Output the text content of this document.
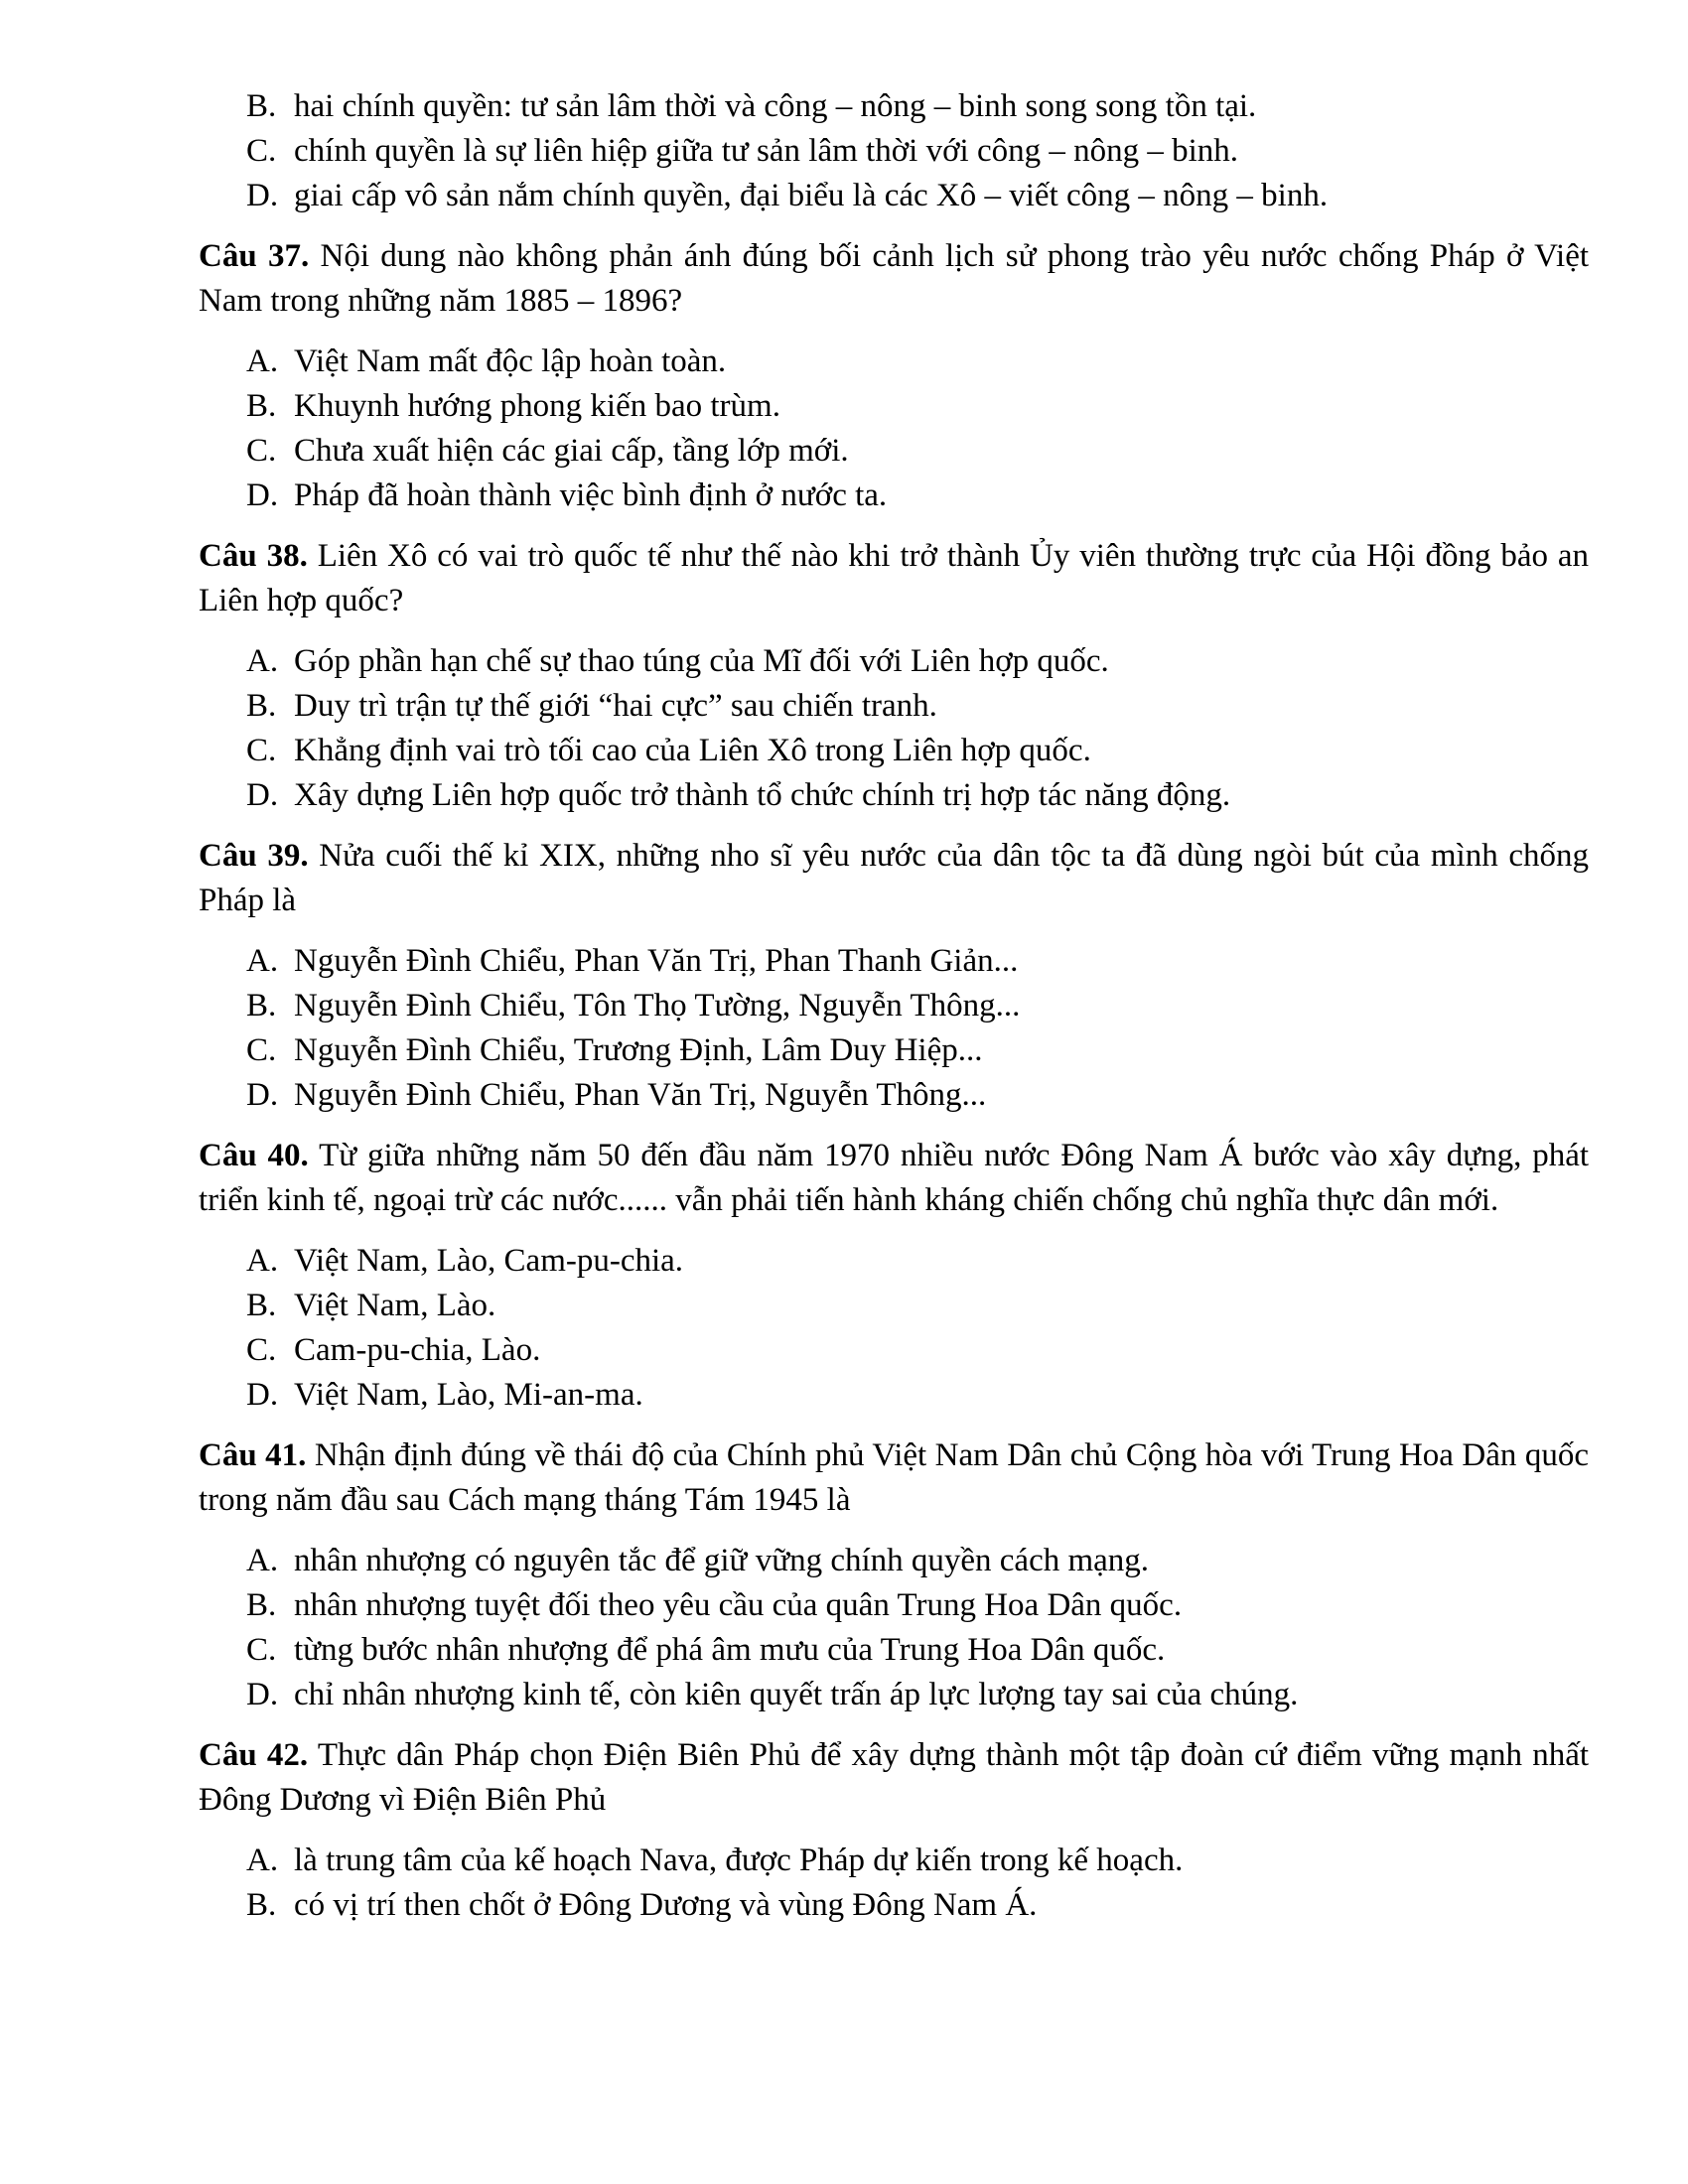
B. hai chính quyền: tư sản lâm thời và công – nông – binh song song tồn tại.
C. chính quyền là sự liên hiệp giữa tư sản lâm thời với công – nông – binh.
D. giai cấp vô sản nắm chính quyền, đại biểu là các Xô – viết công – nông – binh.
Câu 37. Nội dung nào không phản ánh đúng bối cảnh lịch sử phong trào yêu nước chống Pháp ở Việt Nam trong những năm 1885 – 1896?
A. Việt Nam mất độc lập hoàn toàn.
B. Khuynh hướng phong kiến bao trùm.
C. Chưa xuất hiện các giai cấp, tầng lớp mới.
D. Pháp đã hoàn thành việc bình định ở nước ta.
Câu 38. Liên Xô có vai trò quốc tế như thế nào khi trở thành Ủy viên thường trực của Hội đồng bảo an Liên hợp quốc?
A. Góp phần hạn chế sự thao túng của Mĩ đối với Liên hợp quốc.
B. Duy trì trận tự thế giới “hai cực” sau chiến tranh.
C. Khẳng định vai trò tối cao của Liên Xô trong Liên hợp quốc.
D. Xây dựng Liên hợp quốc trở thành tổ chức chính trị hợp tác năng động.
Câu 39. Nửa cuối thế kỉ XIX, những nho sĩ yêu nước của dân tộc ta đã dùng ngòi bút của mình chống Pháp là
A. Nguyễn Đình Chiểu, Phan Văn Trị, Phan Thanh Giản...
B. Nguyễn Đình Chiểu, Tôn Thọ Tường, Nguyễn Thông...
C. Nguyễn Đình Chiểu, Trương Định, Lâm Duy Hiệp...
D. Nguyễn Đình Chiểu, Phan Văn Trị, Nguyễn Thông...
Câu 40. Từ giữa những năm 50 đến đầu năm 1970 nhiều nước Đông Nam Á bước vào xây dựng, phát triển kinh tế, ngoại trừ các nước...... vẫn phải tiến hành kháng chiến chống chủ nghĩa thực dân mới.
A. Việt Nam, Lào, Cam-pu-chia.
B. Việt Nam, Lào.
C. Cam-pu-chia, Lào.
D. Việt Nam, Lào, Mi-an-ma.
Câu 41. Nhận định đúng về thái độ của Chính phủ Việt Nam Dân chủ Cộng hòa với Trung Hoa Dân quốc trong năm đầu sau Cách mạng tháng Tám 1945 là
A. nhân nhượng có nguyên tắc để giữ vững chính quyền cách mạng.
B. nhân nhượng tuyệt đối theo yêu cầu của quân Trung Hoa Dân quốc.
C. từng bước nhân nhượng để phá âm mưu của Trung Hoa Dân quốc.
D. chỉ nhân nhượng kinh tế, còn kiên quyết trấn áp lực lượng tay sai của chúng.
Câu 42. Thực dân Pháp chọn Điện Biên Phủ để xây dựng thành một tập đoàn cứ điểm vững mạnh nhất Đông Dương vì Điện Biên Phủ
A. là trung tâm của kế hoạch Nava, được Pháp dự kiến trong kế hoạch.
B. có vị trí then chốt ở Đông Dương và vùng Đông Nam Á.
